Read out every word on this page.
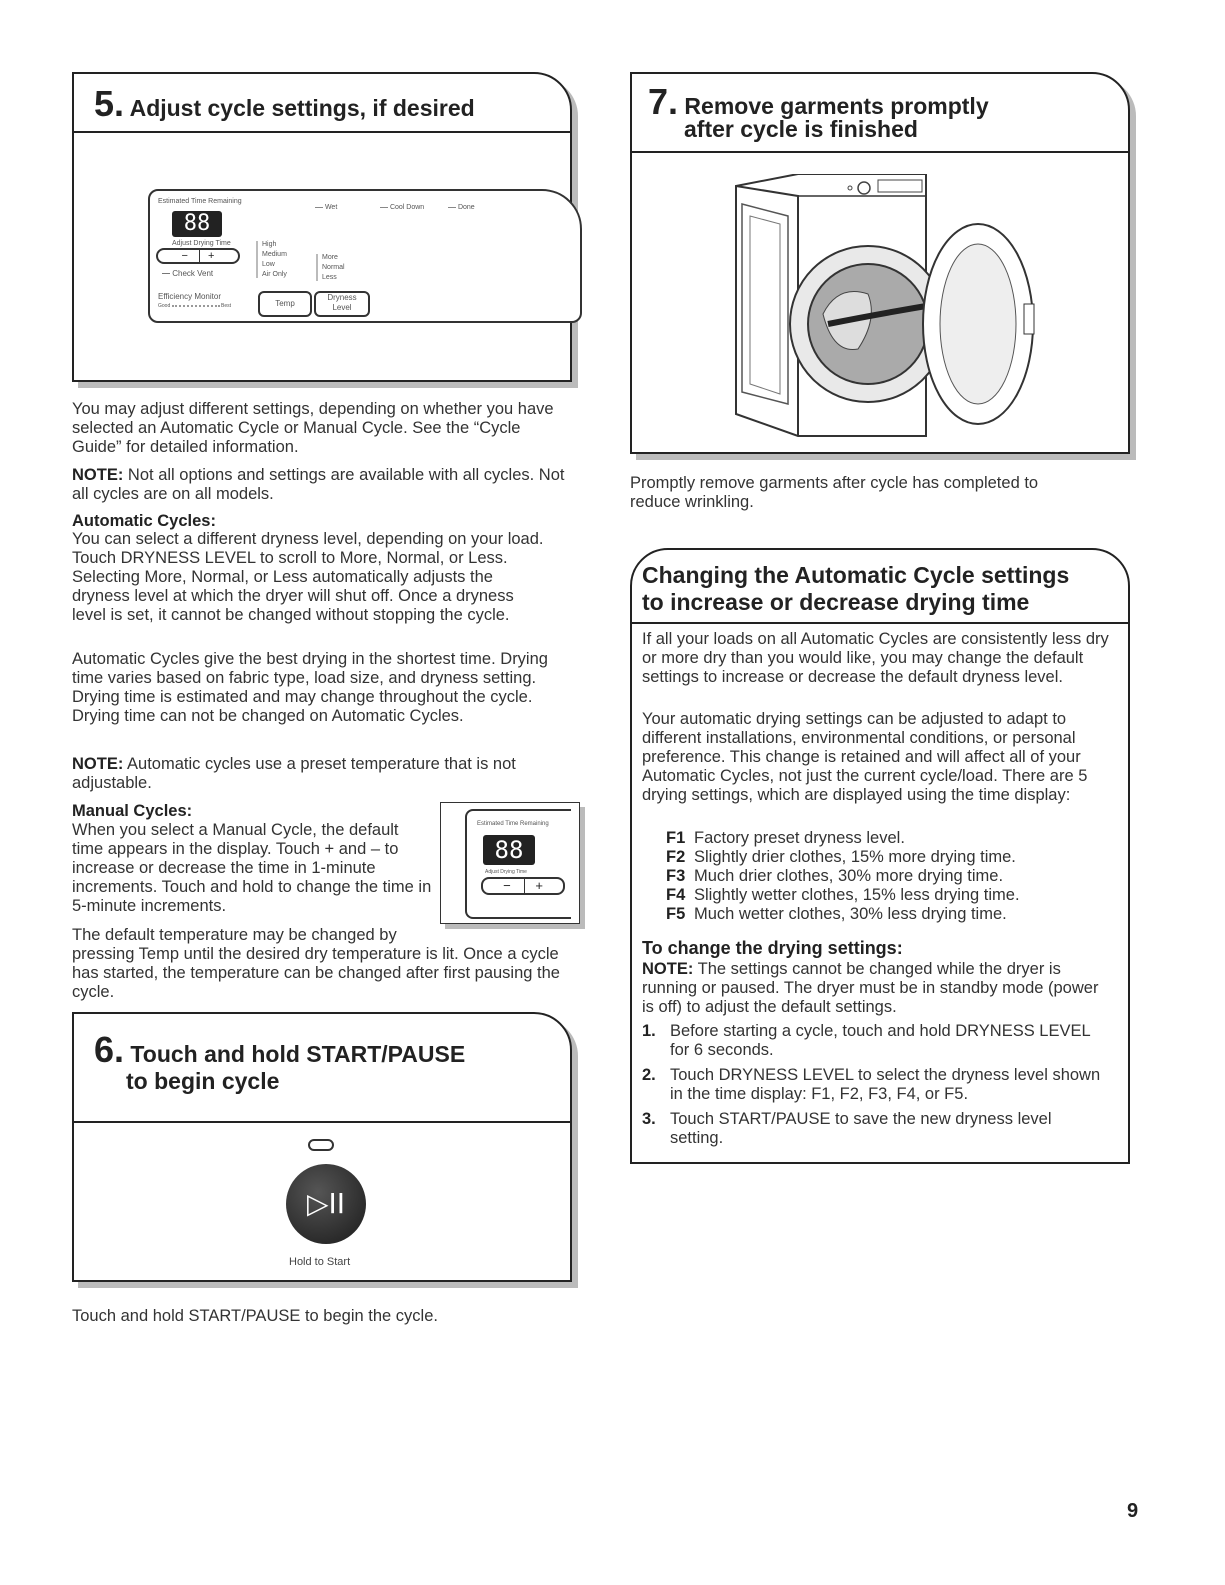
5. Adjust cycle settings, if desired
Estimated Time Remaining
88
Adjust Drying Time
− +
Check Vent
Efficiency Monitor
Good	Best
Wet	Cool Down	Done
High
Medium
Low
Air Only
More
Normal
Less
Temp
Dryness
Level

You may adjust different settings, depending on whether you have selected an Automatic Cycle or Manual Cycle. See the “Cycle Guide” for detailed information.

NOTE: Not all options and settings are available with all cycles. Not all cycles are on all models.

Automatic Cycles:

You can select a different dryness level, depending on your load. Touch DRYNESS LEVEL to scroll to More, Normal, or Less. Selecting More, Normal, or Less automatically adjusts the dryness level at which the dryer will shut off. Once a dryness level is set, it cannot be changed without stopping the cycle.

Automatic Cycles give the best drying in the shortest time. Drying time varies based on fabric type, load size, and dryness setting. Drying time is estimated and may change throughout the cycle. Drying time can not be changed on Automatic Cycles.

NOTE: Automatic cycles use a preset temperature that is not adjustable.

Manual Cycles:

When you select a Manual Cycle, the default time appears in the display. Touch + and – to increase or decrease the time in 1-minute increments. Touch and hold to change the time in 5-minute increments.

The default temperature may be changed by

pressing Temp until the desired dry temperature is lit. Once a cycle has started, the temperature can be changed after first pausing the cycle.

Estimated Time Remaining
88
Adjust Drying Time
− +
6. Touch and hold START/PAUSE
to begin cycle
▷II
Hold to Start

Touch and hold START/PAUSE to begin the cycle.

7. Remove garments promptly
after cycle is finished

Promptly remove garments after cycle has completed to reduce wrinkling.

Changing the Automatic Cycle settings
to increase or decrease drying time

If all your loads on all Automatic Cycles are consistently less dry or more dry than you would like, you may change the default settings to increase or decrease the default dryness level.

Your automatic drying settings can be adjusted to adapt to different installations, environmental conditions, or personal preference. This change is retained and will affect all of your Automatic Cycles, not just the current cycle/load. There are 5 drying settings, which are displayed using the time display:

F1 Factory preset dryness level.
F2 Slightly drier clothes, 15% more drying time.
F3 Much drier clothes, 30% more drying time.
F4 Slightly wetter clothes, 15% less drying time.
F5 Much wetter clothes, 30% less drying time.
To change the drying settings:

NOTE: The settings cannot be changed while the dryer is running or paused. The dryer must be in standby mode (power is off) to adjust the default settings.

1. Before starting a cycle, touch and hold DRYNESS LEVEL for 6 seconds.
2. Touch DRYNESS LEVEL to select the dryness level shown in the time display: F1, F2, F3, F4, or F5.
3. Touch START/PAUSE to save the new dryness level setting.
9
